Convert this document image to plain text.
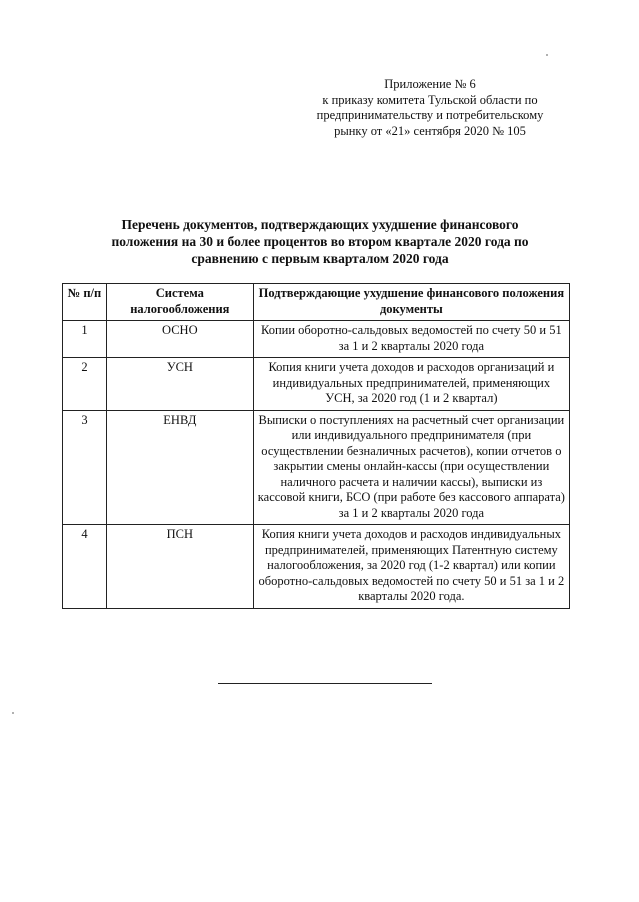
Приложение № 6
к приказу комитета Тульской области по
предпринимательству и потребительскому
рынку от «21» сентября 2020 № 105
Перечень документов, подтверждающих ухудшение финансового
положения на 30 и более процентов во втором квартале 2020 года по
сравнению с первым кварталом 2020 года
№ п/п	Система налогообложения	Подтверждающие ухудшение финансового положения документы
1	ОСНО	Копии оборотно-сальдовых ведомостей по счету 50 и 51 за 1 и 2 кварталы 2020 года
2	УСН	Копия книги учета доходов и расходов организаций и индивидуальных предпринимателей, применяющих УСН, за 2020 год (1 и 2 квартал)
3	ЕНВД	Выписки о поступлениях на расчетный счет организации или индивидуального предпринимателя (при осуществлении безналичных расчетов), копии отчетов о закрытии смены онлайн-кассы (при осуществлении наличного расчета и наличии кассы), выписки из кассовой книги, БСО (при работе без кассового аппарата) за 1 и 2 кварталы 2020 года
4	ПСН	Копия книги учета доходов и расходов индивидуальных предпринимателей, применяющих Патентную систему налогообложения, за 2020 год (1-2 квартал) или копии оборотно-сальдовых ведомостей по счету 50 и 51 за 1 и 2 кварталы 2020 года.
